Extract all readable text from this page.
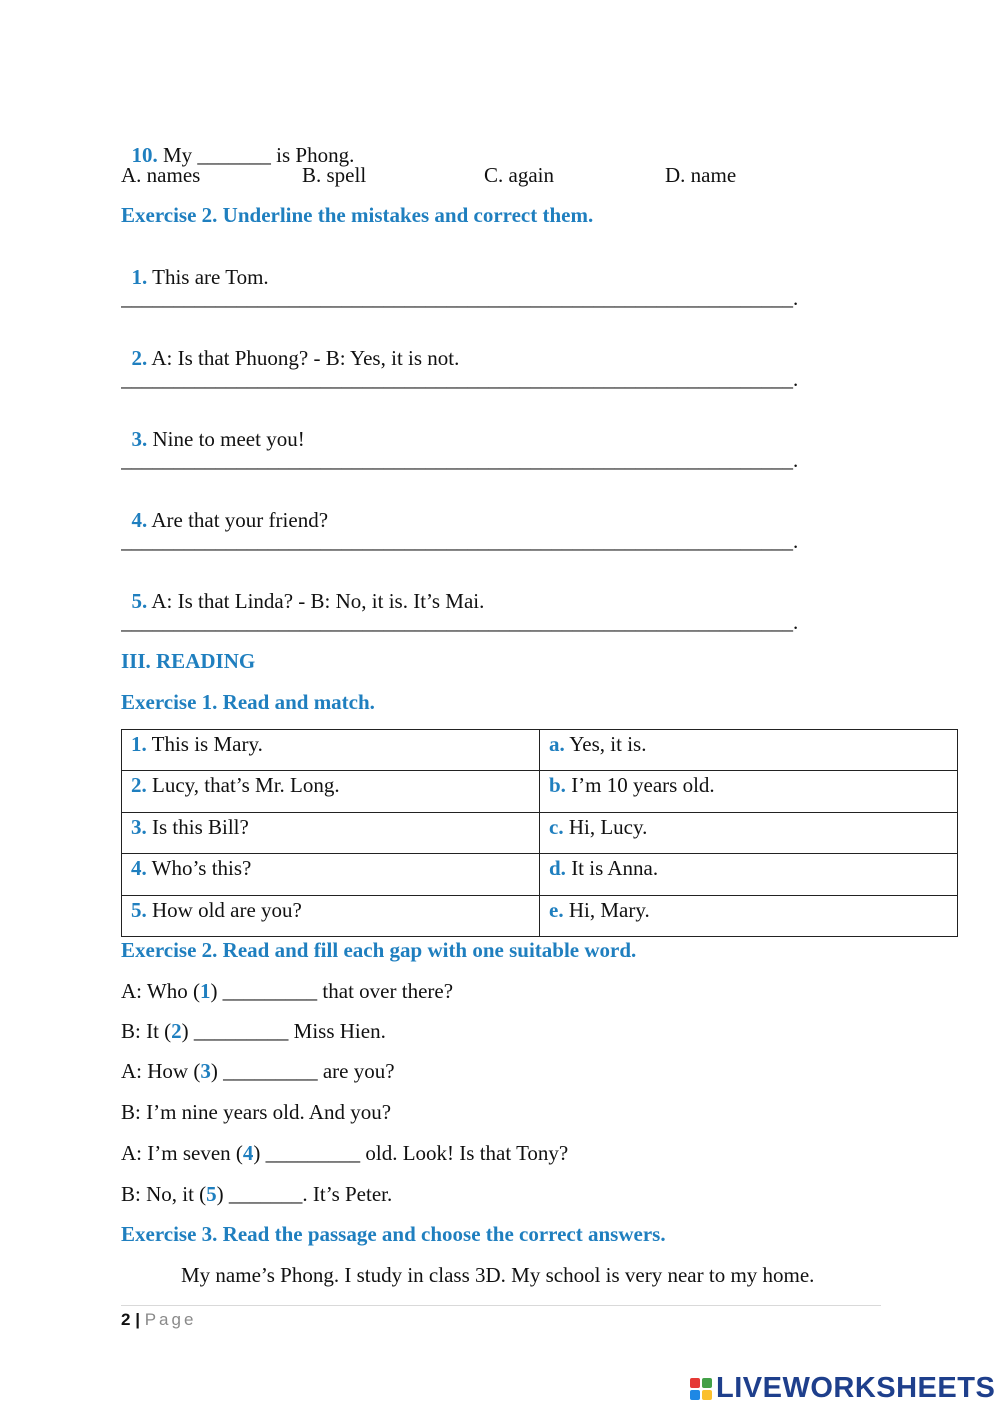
10. My _______ is Phong.

A. names	B. spell	C. again	D. name
Exercise 2. Underline the mistakes and correct them.

1. This are Tom.

________________________________________________________________.

2. A: Is that Phuong? - B: Yes, it is not.

________________________________________________________________.

3. Nine to meet you!

________________________________________________________________.

4. Are that your friend?

________________________________________________________________.

5. A: Is that Linda? - B: No, it is. It’s Mai.

________________________________________________________________.
III. READING
Exercise 1. Read and match.
1. This is Mary.	a. Yes, it is.
2. Lucy, that’s Mr. Long.	b. I’m 10 years old.
3. Is this Bill?	c. Hi, Lucy.
4. Who’s this?	d. It is Anna.
5. How old are you?	e. Hi, Mary.
Exercise 2. Read and fill each gap with one suitable word.
A: Who (1) _________ that over there?
B: It (2) _________ Miss Hien.
A: How (3) _________ are you?
B: I’m nine years old. And you?
A: I’m seven (4) _________ old. Look! Is that Tony?
B: No, it (5) _______. It’s Peter.
Exercise 3. Read the passage and choose the correct answers.
My name’s Phong. I study in class 3D. My school is very near to my home.
2 | Page
LIVEWORKSHEETS
